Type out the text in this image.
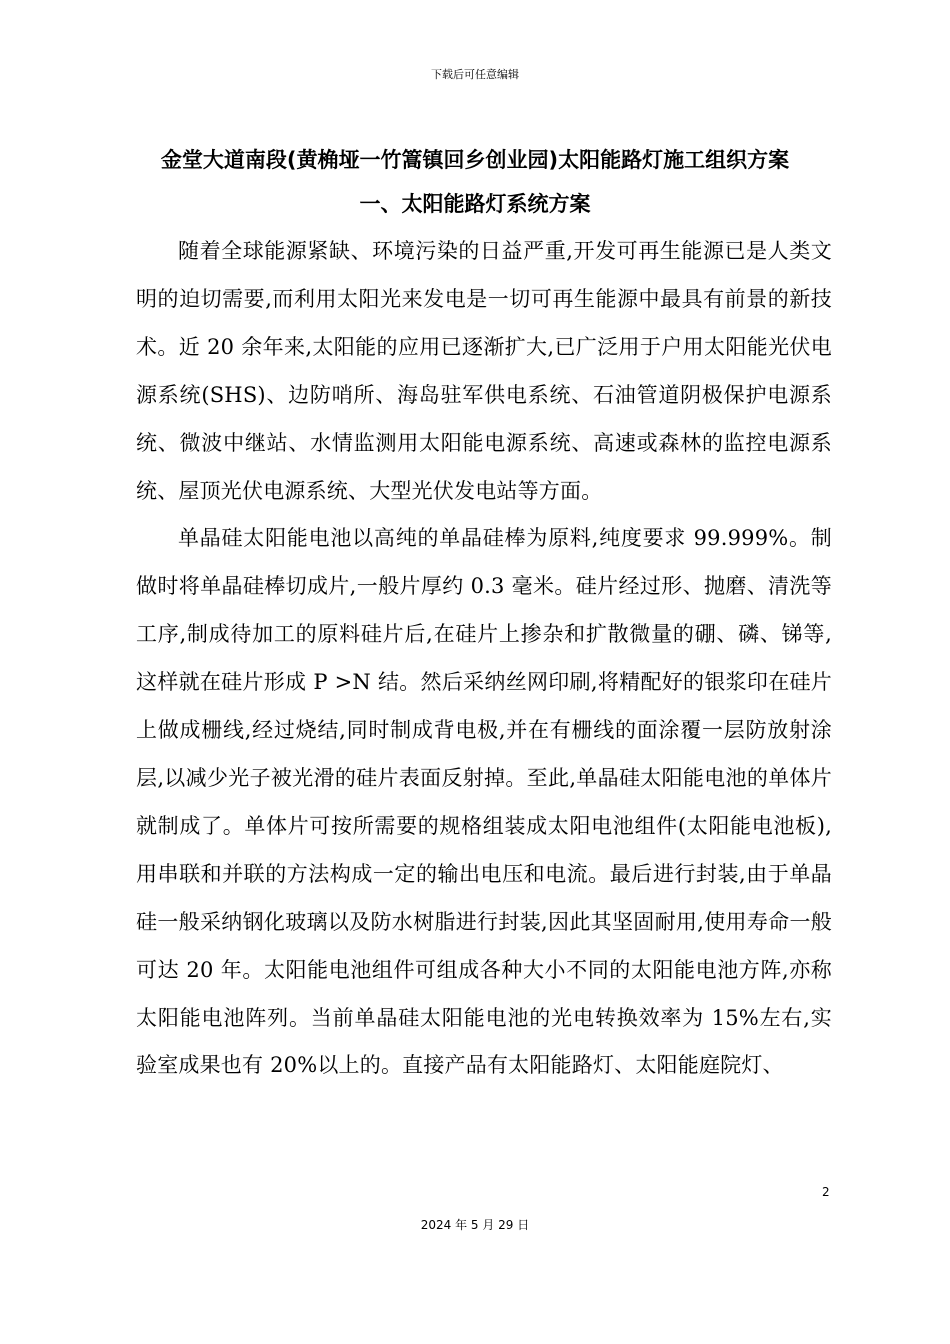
下载后可任意编辑
金堂大道南段(黄桷垭一竹篙镇回乡创业园)太阳能路灯施工组织方案
一、太阳能路灯系统方案

随着全球能源紧缺、环境污染的日益严重,开发可再生能源已是人类文明的迫切需要,而利用太阳光来发电是一切可再生能源中最具有前景的新技术。近 20 余年来,太阳能的应用已逐渐扩大,已广泛用于户用太阳能光伏电源系统(SHS)、边防哨所、海岛驻军供电系统、石油管道阴极保护电源系统、微波中继站、水情监测用太阳能电源系统、高速或森林的监控电源系统、屋顶光伏电源系统、大型光伏发电站等方面。

单晶硅太阳能电池以高纯的单晶硅棒为原料,纯度要求 99.999%。制做时将单晶硅棒切成片,一般片厚约 0.3 毫米。硅片经过形、抛磨、清洗等工序,制成待加工的原料硅片后,在硅片上掺杂和扩散微量的硼、磷、锑等,这样就在硅片形成 P >N 结。然后采纳丝网印刷,将精配好的银浆印在硅片上做成栅线,经过烧结,同时制成背电极,并在有栅线的面涂覆一层防放射涂层,以减少光子被光滑的硅片表面反射掉。至此,单晶硅太阳能电池的单体片就制成了。单体片可按所需要的规格组装成太阳电池组件(太阳能电池板),用串联和并联的方法构成一定的输出电压和电流。最后进行封装,由于单晶硅一般采纳钢化玻璃以及防水树脂进行封装,因此其坚固耐用,使用寿命一般可达 20 年。太阳能电池组件可组成各种大小不同的太阳能电池方阵,亦称太阳能电池阵列。当前单晶硅太阳能电池的光电转换效率为 15%左右,实验室成果也有 20%以上的。直接产品有太阳能路灯、太阳能庭院灯、

2
2024 年 5 月 29 日
